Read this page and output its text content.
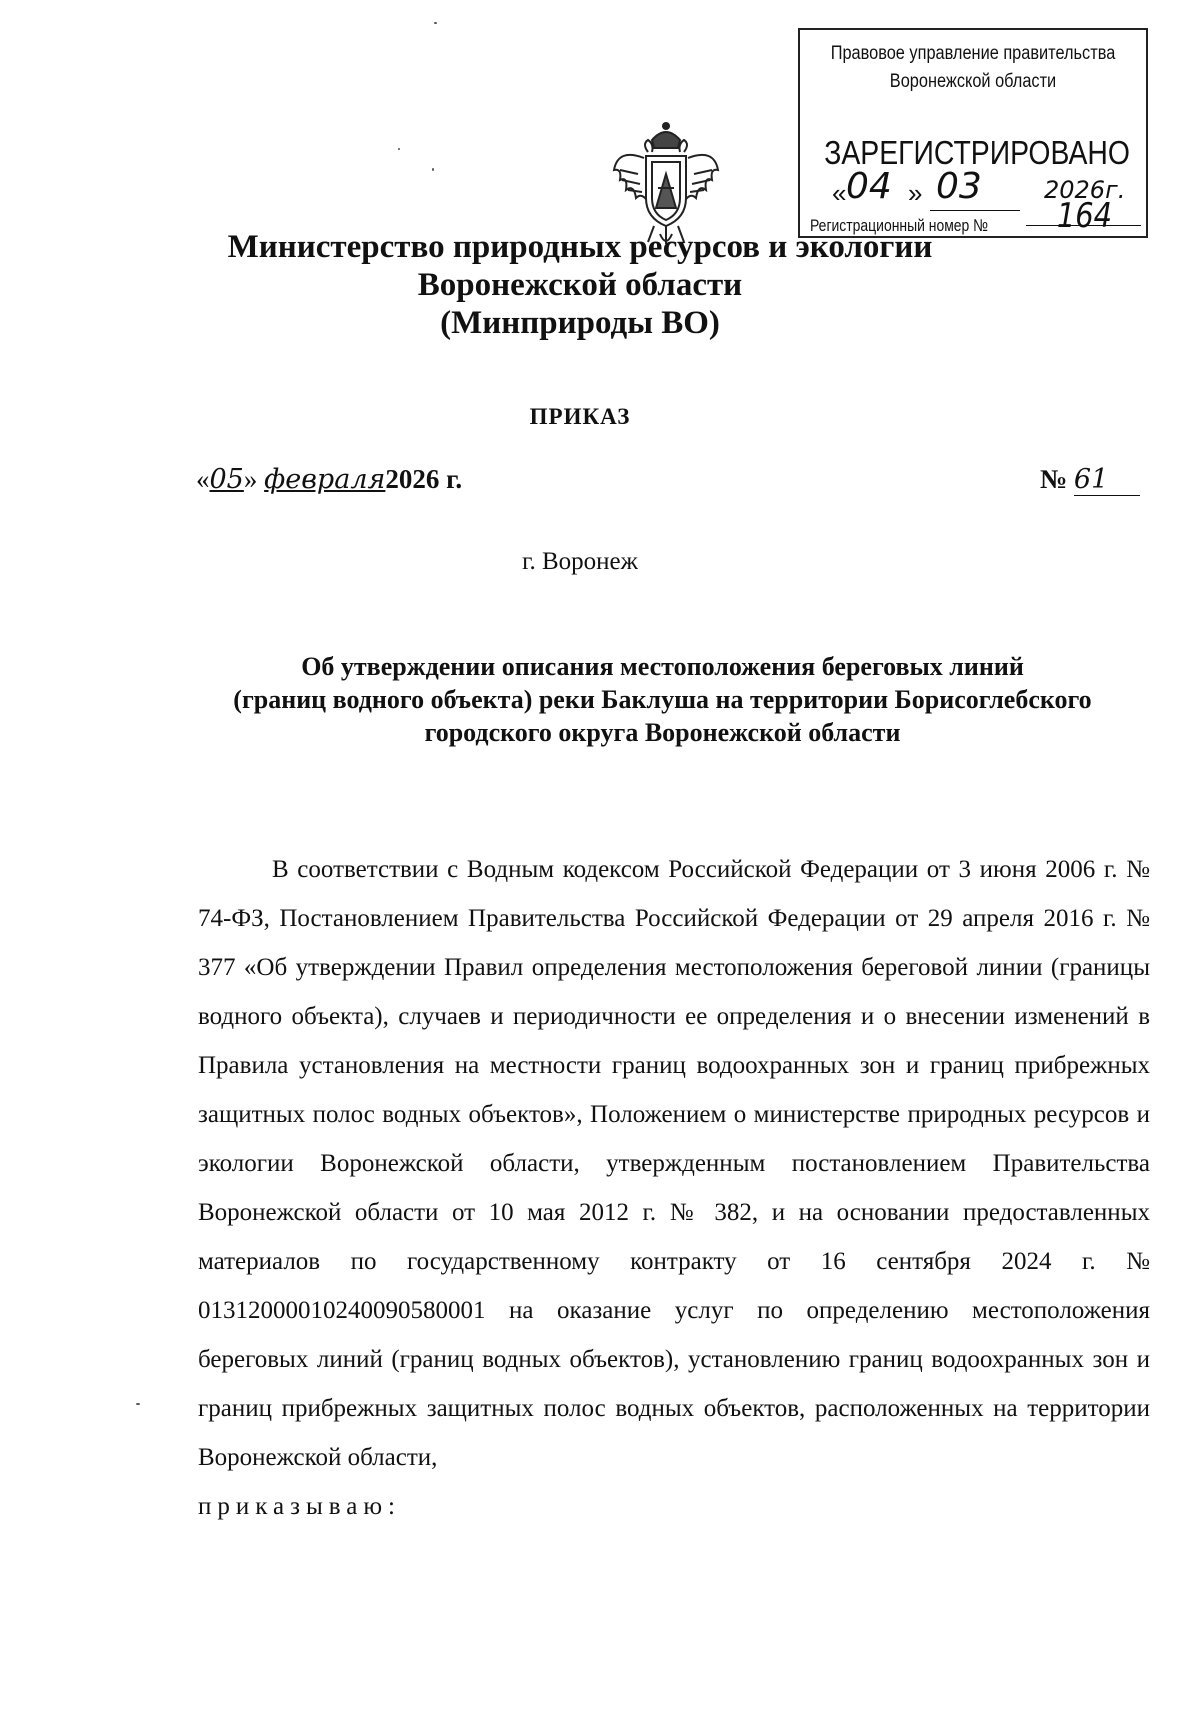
Правовое управление правительства
Воронежской области
ЗАРЕГИСТРИРОВАНО
« 04 » 03	2026г.
Регистрационный номер № 164
Министерство природных ресурсов и экологии
Воронежской области
(Минприроды ВО)
ПРИКАЗ
«05» февраля2026 г.	№ 61
г. Воронеж
Об утверждении описания местоположения береговых линий
(границ водного объекта) реки Баклуша на территории Борисоглебского
городского округа Воронежской области
В соответствии с Водным кодексом Российской Федерации от 3 июня 2006 г. № 74-ФЗ, Постановлением Правительства Российской Федерации от 29 апреля 2016 г. № 377 «Об утверждении Правил определения местоположения береговой линии (границы водного объекта), случаев и периодичности ее определения и о внесении изменений в Правила установления на местности границ водоохранных зон и границ прибрежных защитных полос водных объектов», Положением о министерстве природных ресурсов и экологии Воронежской области, утвержденным постановлением Правительства Воронежской области от 10 мая 2012 г. № 382, и на основании предоставленных материалов по государственному контракту от 16 сентября 2024 г. № 0131200001024009058000​1 на оказание услуг по определению местоположения береговых линий (границ водных объектов), установлению границ водоохранных зон и границ прибрежных защитных полос водных объектов, расположенных на территории Воронежской области,
приказываю:
